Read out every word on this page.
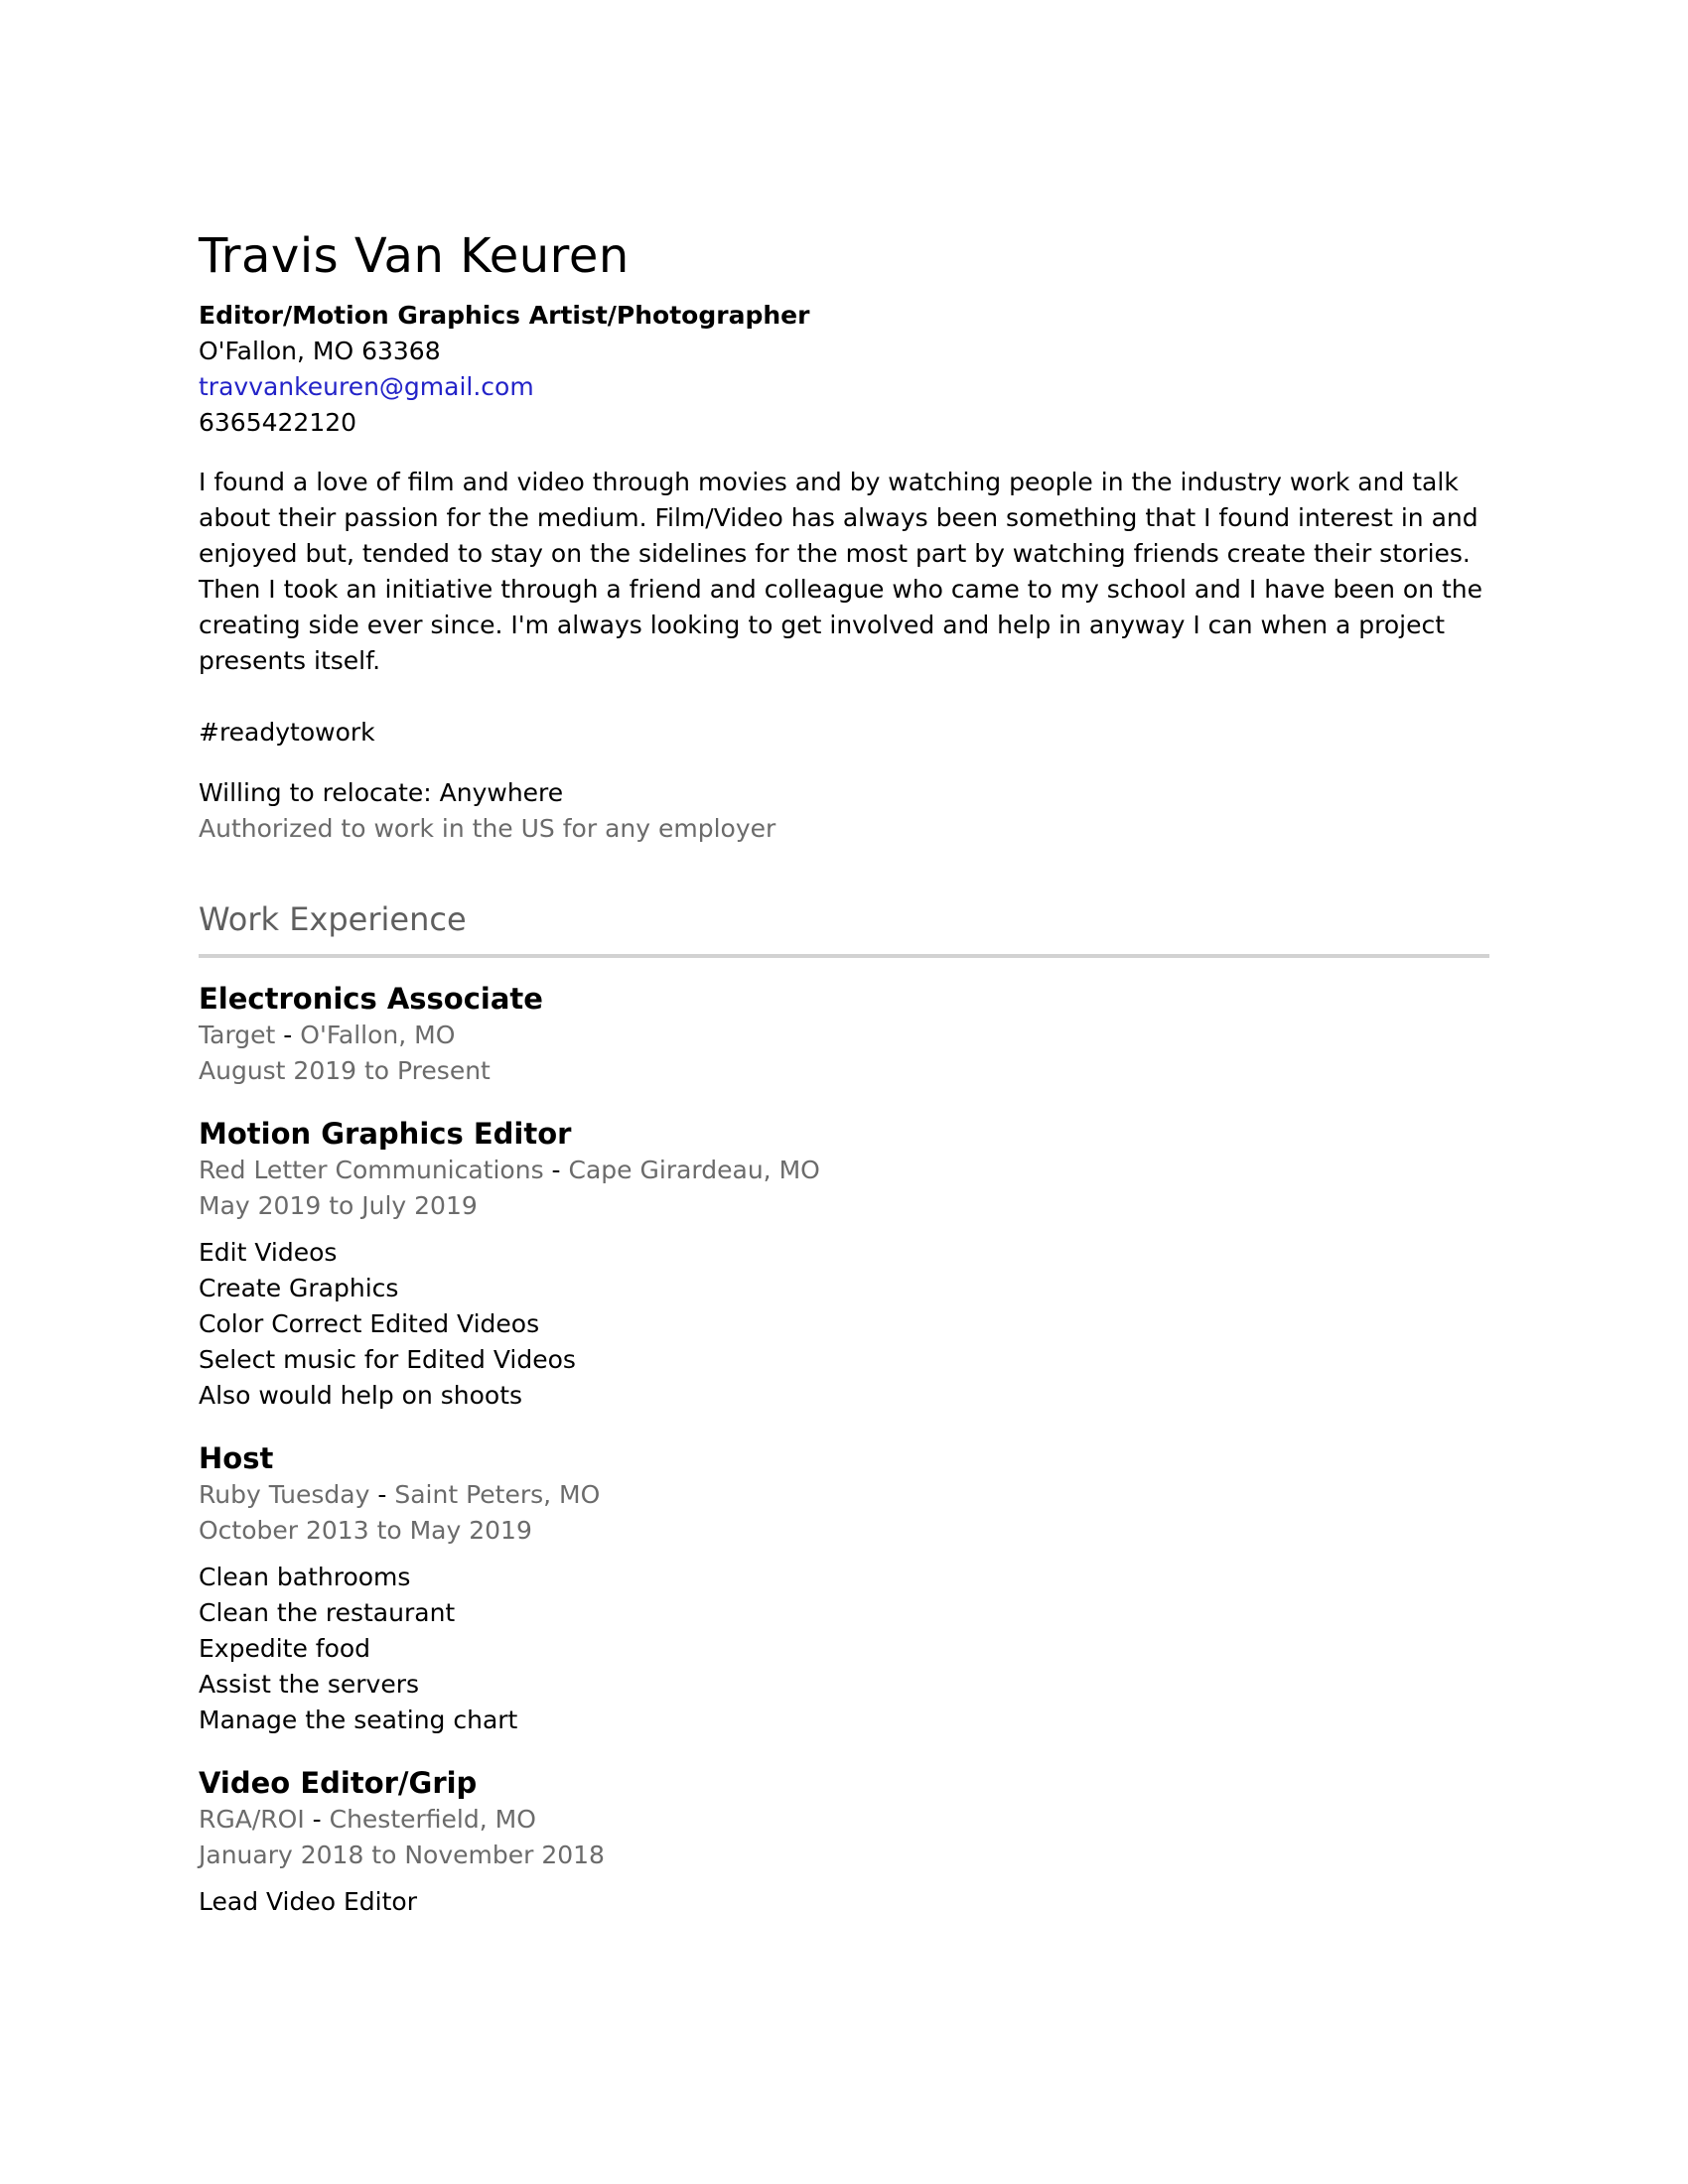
Travis Van Keuren
Editor/Motion Graphics Artist/Photographer
O'Fallon, MO 63368
travvankeuren@gmail.com
6365422120

I found a love of film and video through movies and by watching people in the industry work and talk about their passion for the medium. Film/Video has always been something that I found interest in and enjoyed but, tended to stay on the sidelines for the most part by watching friends create their stories. Then I took an initiative through a friend and colleague who came to my school and I have been on the creating side ever since. I'm always looking to get involved and help in anyway I can when a project presents itself.

#readytowork

Willing to relocate: Anywhere
Authorized to work in the US for any employer
Work Experience
Electronics Associate
Target - O'Fallon, MO
August 2019 to Present
Motion Graphics Editor
Red Letter Communications - Cape Girardeau, MO
May 2019 to July 2019
Edit Videos
Create Graphics
Color Correct Edited Videos
Select music for Edited Videos
Also would help on shoots
Host
Ruby Tuesday - Saint Peters, MO
October 2013 to May 2019
Clean bathrooms
Clean the restaurant
Expedite food
Assist the servers
Manage the seating chart
Video Editor/Grip
RGA/ROI - Chesterfield, MO
January 2018 to November 2018
Lead Video Editor
